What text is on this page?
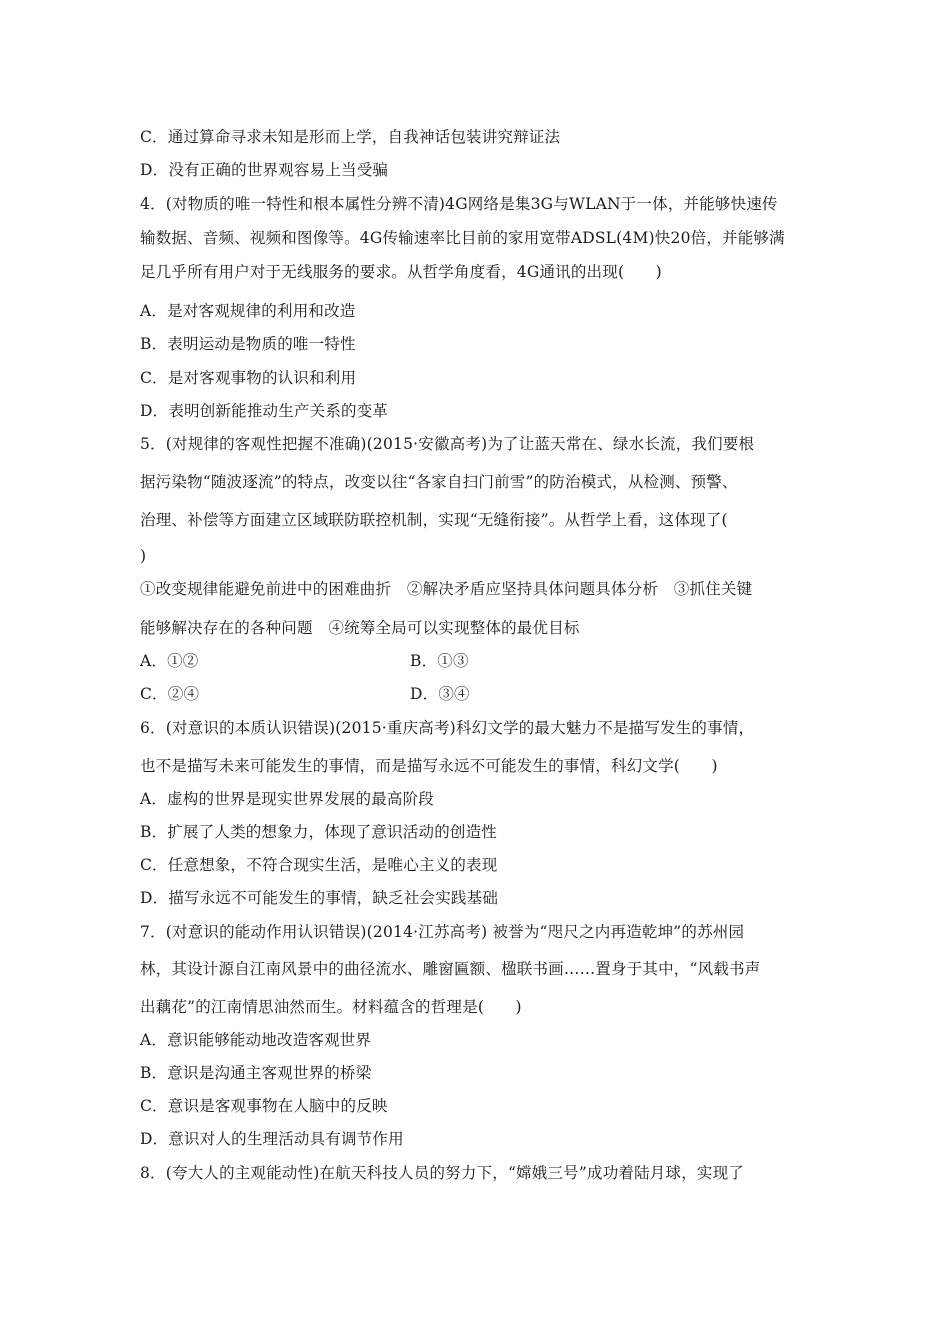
C．通过算命寻求未知是形而上学，自我神话包装讲究辩证法
D．没有正确的世界观容易上当受骗
4．(对物质的唯一特性和根本属性分辨不清)4G网络是集3G与WLAN于一体，并能够快速传
输数据、音频、视频和图像等。4G传输速率比目前的家用宽带ADSL(4M)快20倍，并能够满
足几乎所有用户对于无线服务的要求。从哲学角度看，4G通讯的出现(　　)
A．是对客观规律的利用和改造
B．表明运动是物质的唯一特性
C．是对客观事物的认识和利用
D．表明创新能推动生产关系的变革
5．(对规律的客观性把握不准确)(2015·安徽高考)为了让蓝天常在、绿水长流，我们要根
据污染物“随波逐流”的特点，改变以往“各家自扫门前雪”的防治模式，从检测、预警、
治理、补偿等方面建立区域联防联控机制，实现“无缝衔接”。从哲学上看，这体现了(
)
①改变规律能避免前进中的困难曲折　②解决矛盾应坚持具体问题具体分析　③抓住关键
能够解决存在的各种问题　④统筹全局可以实现整体的最优目标
A．①②	B．①③
C．②④	D．③④
6．(对意识的本质认识错误)(2015·重庆高考)科幻文学的最大魅力不是描写发生的事情，
也不是描写未来可能发生的事情，而是描写永远不可能发生的事情，科幻文学(　　)
A．虚构的世界是现实世界发展的最高阶段
B．扩展了人类的想象力，体现了意识活动的创造性
C．任意想象，不符合现实生活，是唯心主义的表现
D．描写永远不可能发生的事情，缺乏社会实践基础
7．(对意识的能动作用认识错误)(2014·江苏高考) 被誉为“咫尺之内再造乾坤”的苏州园
林，其设计源自江南风景中的曲径流水、雕窗匾额、楹联书画……置身于其中，“风载书声
出藕花”的江南情思油然而生。材料蕴含的哲理是(　　)
A．意识能够能动地改造客观世界
B．意识是沟通主客观世界的桥梁
C．意识是客观事物在人脑中的反映
D．意识对人的生理活动具有调节作用
8．(夸大人的主观能动性)在航天科技人员的努力下，“嫦娥三号”成功着陆月球，实现了
